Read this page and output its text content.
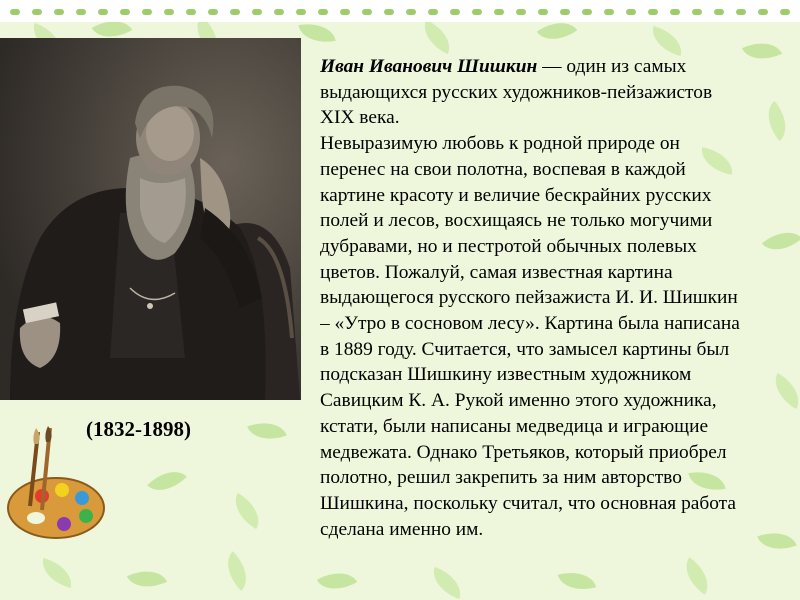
(1832-1898)
Иван Иванович Шишкин — один из самых
выдающихся русских художников-пейзажистов
XIX века.
Невыразимую любовь к родной природе он
перенес на свои полотна, воспевая в каждой
картине красоту и величие бескрайних русских
полей и лесов, восхищаясь не только могучими
дубравами, но и пестротой обычных полевых
цветов. Пожалуй, самая известная картина
выдающегося русского пейзажиста И. И. Шишкин
– «Утро в сосновом лесу». Картина была написана
в 1889 году. Считается, что замысел картины был
подсказан Шишкину известным художником
Савицким К. А. Рукой именно этого художника,
кстати, были написаны медведица и играющие
медвежата. Однако Третьяков, который приобрел
полотно, решил закрепить за ним авторство
Шишкина, поскольку считал, что основная работа
сделана именно им.
